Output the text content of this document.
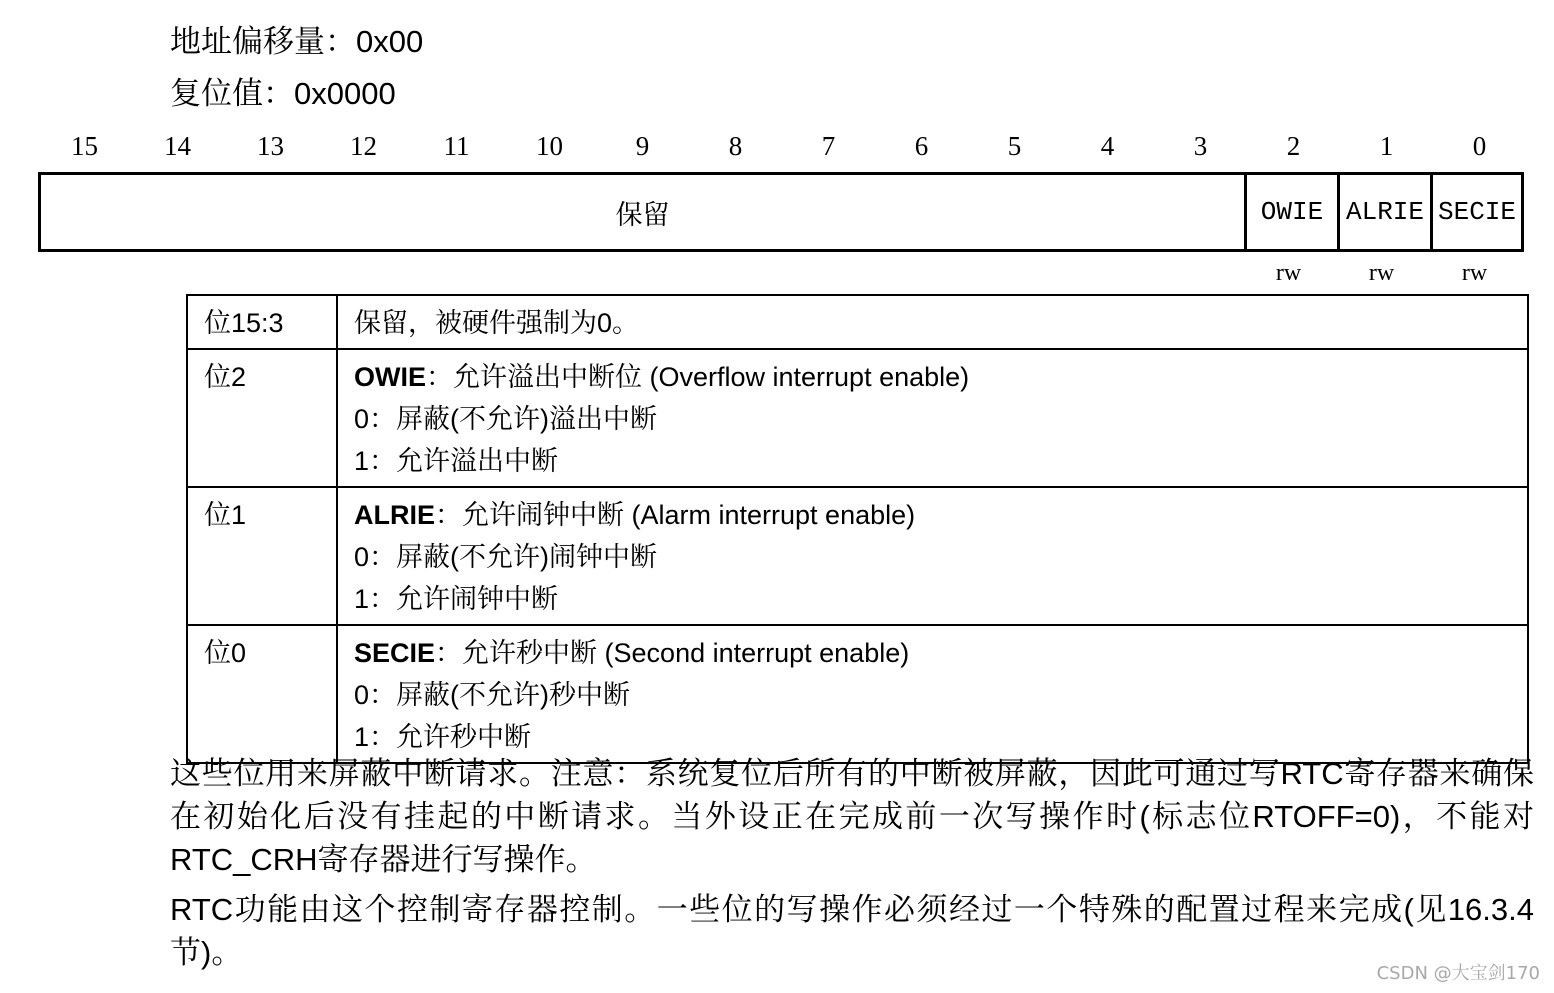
地址偏移量：0x00
复位值：0x0000
15	14	13	12	11	10	9	8	7	6	5	4	3	2	1	0
保留	OWIE ALRIE SECIE
rw	rw	rw
位15:3	保留，被硬件强制为0。

位2	OWIE：允许溢出中断位 (Overflow interrupt enable)
0：屏蔽(不允许)溢出中断
1：允许溢出中断

位1	ALRIE：允许闹钟中断 (Alarm interrupt enable)
0：屏蔽(不允许)闹钟中断
1：允许闹钟中断

位0	SECIE：允许秒中断 (Second interrupt enable)
0：屏蔽(不允许)秒中断
1：允许秒中断
这些位用来屏蔽中断请求。注意：系统复位后所有的中断被屏蔽，因此可通过写RTC寄存器来确保在初始化后没有挂起的中断请求。当外设正在完成前一次写操作时(标志位RTOFF=0)，不能对RTC_CRH寄存器进行写操作。
RTC功能由这个控制寄存器控制。一些位的写操作必须经过一个特殊的配置过程来完成(见16.3.4节)。
CSDN @大宝剑170
